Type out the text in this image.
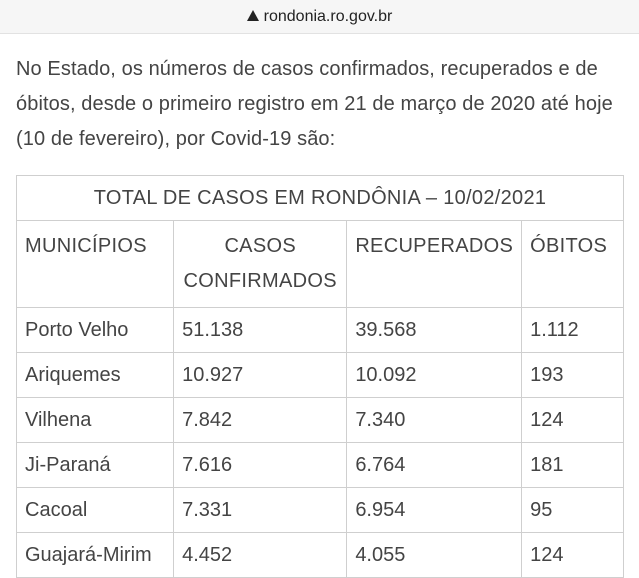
rondonia.ro.gov.br

No Estado, os números de casos confirmados, recuperados e de óbitos, desde o primeiro registro em 21 de março de 2020 até hoje (10 de fevereiro), por Covid-19 são:

TOTAL DE CASOS EM RONDÔNIA – 10/02/2021			
MUNICÍPIOS	CASOS CONFIRMADOS	RECUPERADOS	ÓBITOS
Porto Velho	51.138	39.568	1.112
Ariquemes	10.927	10.092	193
Vilhena	7.842	7.340	124
Ji-Paraná	7.616	6.764	181
Cacoal	7.331	6.954	95
Guajará-Mirim	4.452	4.055	124
